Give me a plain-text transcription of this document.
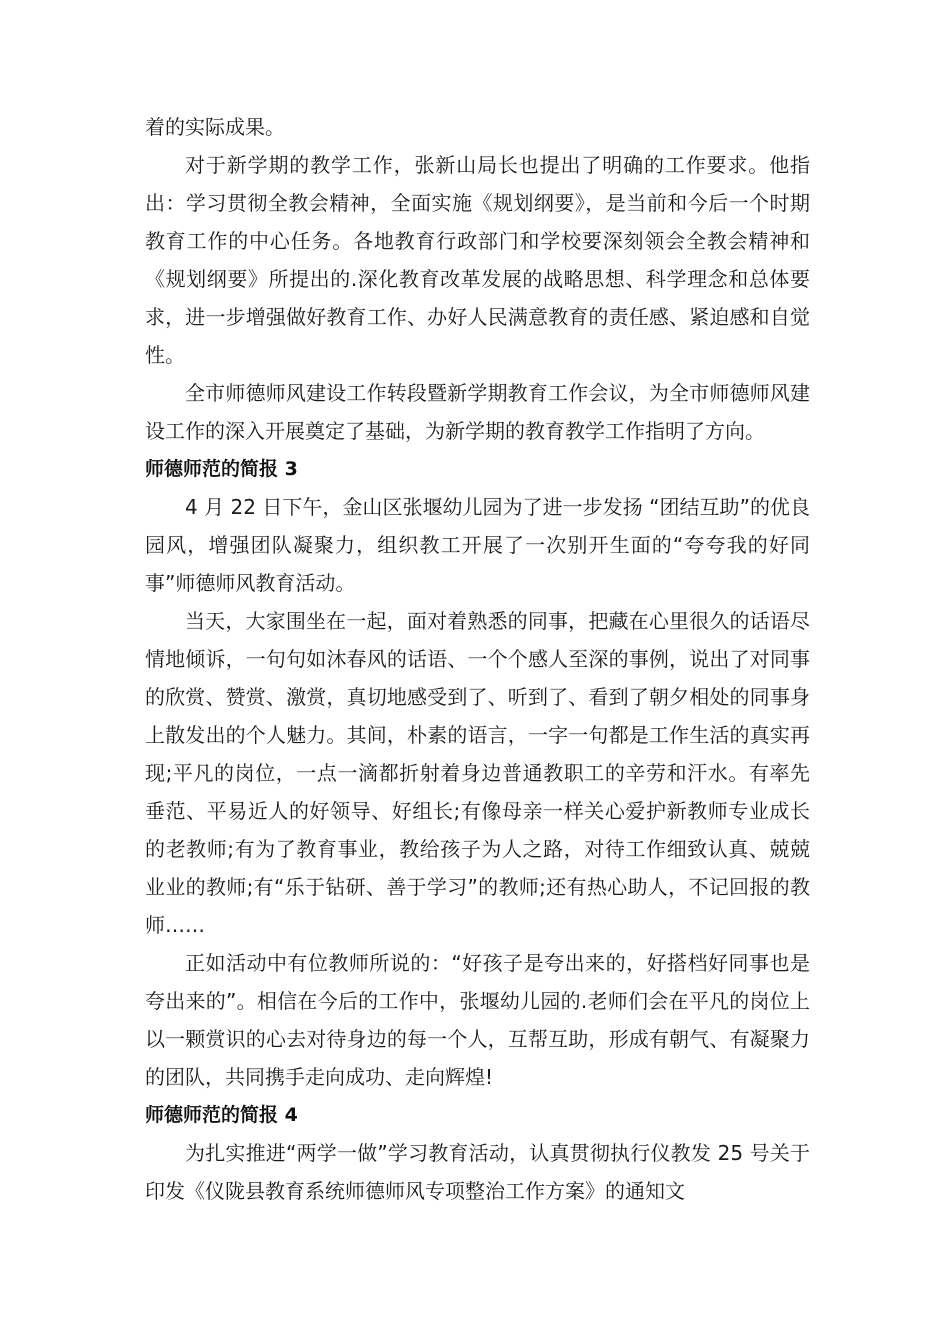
着的实际成果。

对于新学期的教学工作，张新山局长也提出了明确的工作要求。他指出：学习贯彻全教会精神，全面实施《规划纲要》，是当前和今后一个时期教育工作的中心任务。各地教育行政部门和学校要深刻领会全教会精神和《规划纲要》所提出的.深化教育改革发展的战略思想、科学理念和总体要求，进一步增强做好教育工作、办好人民满意教育的责任感、紧迫感和自觉性。

全市师德师风建设工作转段暨新学期教育工作会议，为全市师德师风建设工作的深入开展奠定了基础，为新学期的教育教学工作指明了方向。

师德师范的简报 3

4 月 22 日下午，金山区张堰幼儿园为了进一步发扬 “团结互助”的优良园风，增强团队凝聚力，组织教工开展了一次别开生面的“夸夸我的好同事”师德师风教育活动。

当天，大家围坐在一起，面对着熟悉的同事，把藏在心里很久的话语尽情地倾诉，一句句如沐春风的话语、一个个感人至深的事例，说出了对同事的欣赏、赞赏、激赏，真切地感受到了、听到了、看到了朝夕相处的同事身上散发出的个人魅力。其间，朴素的语言，一字一句都是工作生活的真实再现;平凡的岗位，一点一滴都折射着身边普通教职工的辛劳和汗水。有率先垂范、平易近人的好领导、好组长;有像母亲一样关心爱护新教师专业成长的老教师;有为了教育事业，教给孩子为人之路，对待工作细致认真、兢兢业业的教师;有“乐于钻研、善于学习”的教师;还有热心助人，不记回报的教师……

正如活动中有位教师所说的：“好孩子是夸出来的，好搭档好同事也是夸出来的”。相信在今后的工作中，张堰幼儿园的.老师们会在平凡的岗位上以一颗赏识的心去对待身边的每一个人，互帮互助，形成有朝气、有凝聚力的团队，共同携手走向成功、走向辉煌!

师德师范的简报 4

为扎实推进“两学一做”学习教育活动，认真贯彻执行仪教发 25 号关于印发《仪陇县教育系统师德师风专项整治工作方案》的通知文
